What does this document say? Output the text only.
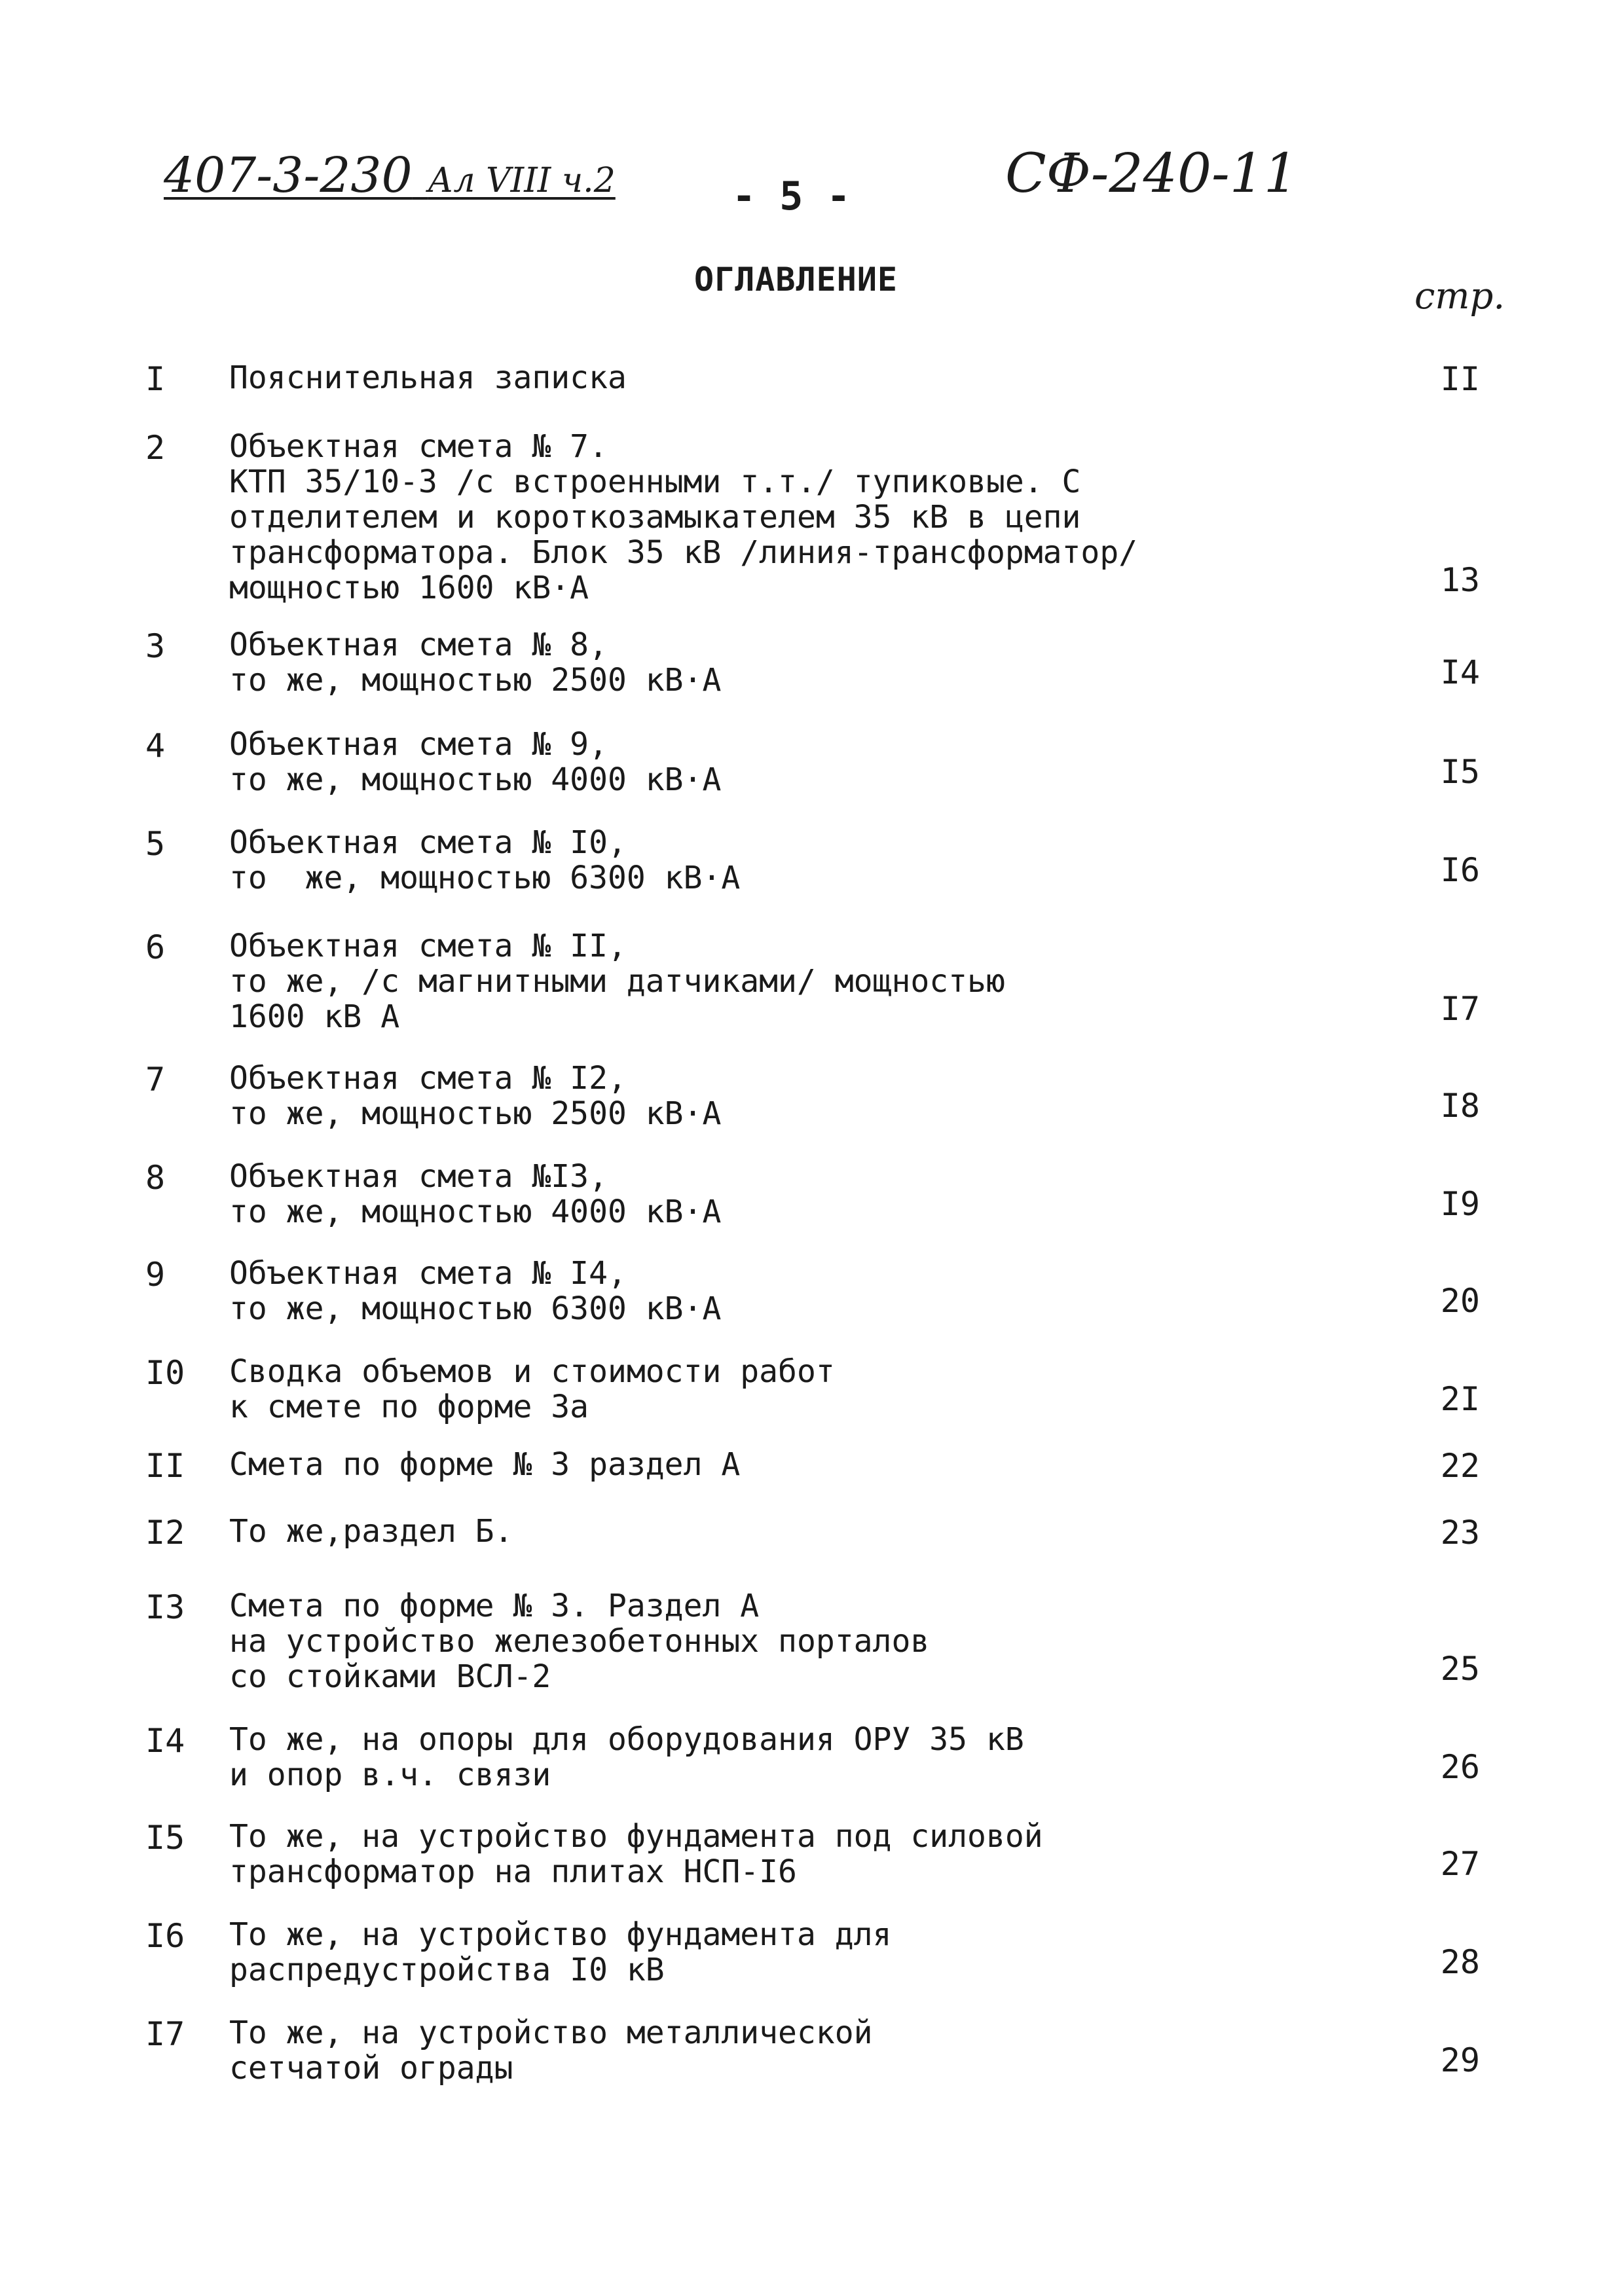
407-3-230 Ал VIII ч.2	- 5 -	СФ-240-11
ОГЛАВЛЕНИЕ	стр.
I Пояснительная записка	II
2 Объектная смета № 7.
КТП 35/10-3 /с встроенными т.т./ тупиковые. С
отделителем и короткозамыкателем 35 кВ в цепи
трансформатора. Блок 35 кВ /линия-трансформатор/
мощностью 1600 кВ·А	13
3 Объектная смета № 8,
то же, мощностью 2500 кВ·А	I4
4 Объектная смета № 9,
то же, мощностью 4000 кВ·А	I5
5 Объектная смета № I0,
то  же, мощностью 6300 кВ·А	I6
6 Объектная смета № II,
то же, /с магнитными датчиками/ мощностью
1600 кВ А	I7
7 Объектная смета № I2,
то же, мощностью 2500 кВ·А	I8
8 Объектная смета №I3,
то же, мощностью 4000 кВ·А	I9
9 Объектная смета № I4,
то же, мощностью 6300 кВ·А	20
I0 Сводка объемов и стоимости работ
к смете по форме 3а	2I
II Смета по форме № 3 раздел А	22
I2 То же,раздел Б.	23
I3 Смета по форме № 3. Раздел А
на устройство железобетонных порталов
со стойками ВСЛ-2	25
I4 То же, на опоры для оборудования ОРУ 35 кВ
и опор в.ч. связи	26
I5 То же, на устройство фундамента под силовой
трансформатор на плитах НСП-I6	27
I6 То же, на устройство фундамента для
распредустройства I0 кВ	28
I7 То же, на устройство металлической
сетчатой ограды	29
